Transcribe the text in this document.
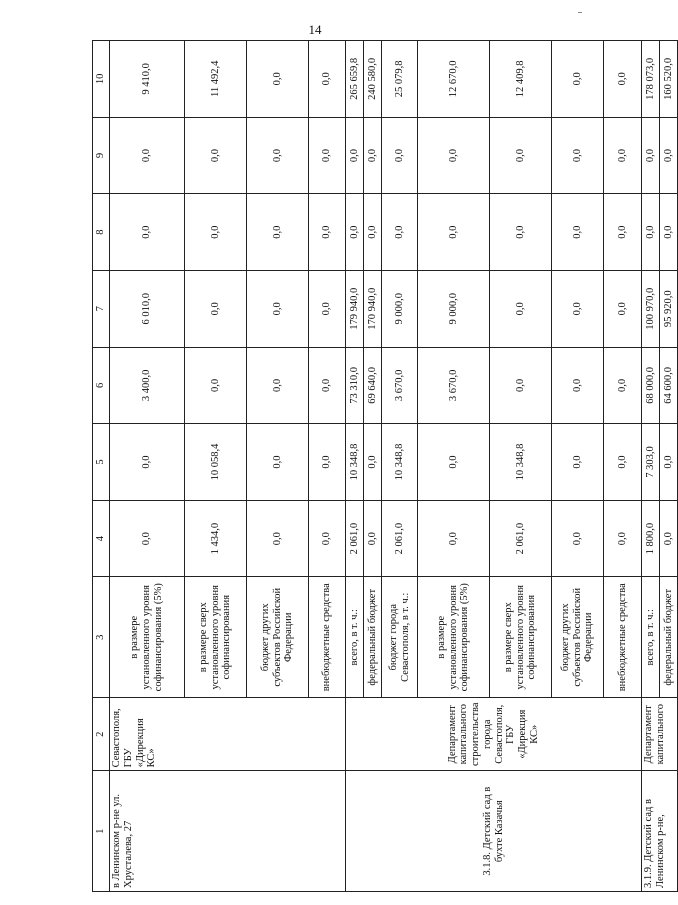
14
1	2	3	4	5	6	7	8	9	10
в Ленинском р-не ул. Хрусталева, 27	Севастополя, ГБУ «Дирекция КС»	в размере установленного уровня софинансирования (5%)	0,0	0,0	3 400,0	6 010,0	0,0	0,0	9 410,0
		в размере сверх установленного уровня софинансирования	1 434,0	10 058,4	0,0	0,0	0,0	0,0	11 492,4
		бюджет других субъектов Российской Федерации	0,0	0,0	0,0	0,0	0,0	0,0	0,0
		внебюджетные средства	0,0	0,0	0,0	0,0	0,0	0,0	0,0
3.1.8. Детский сад в бухте Казачья	Департамент капитального строительства города Севастополя, ГБУ «Дирекция КС»	всего, в т. ч.:	2 061,0	10 348,8	73 310,0	179 940,0	0,0	0,0	265 659,8
		федеральный бюджет	0,0	0,0	69 640,0	170 940,0	0,0	0,0	240 580,0
		бюджет города Севастополя, в т. ч.:	2 061,0	10 348,8	3 670,0	9 000,0	0,0	0,0	25 079,8
		в размере установленного уровня софинансирования (5%)	0,0	0,0	3 670,0	9 000,0	0,0	0,0	12 670,0
		в размере сверх установленного уровня софинансирования	2 061,0	10 348,8	0,0	0,0	0,0	0,0	12 409,8
		бюджет других субъектов Российской Федерации	0,0	0,0	0,0	0,0	0,0	0,0	0,0
		внебюджетные средства	0,0	0,0	0,0	0,0	0,0	0,0	0,0
3.1.9. Детский сад в Ленинском р-не,	Департамент капитального	всего, в т. ч.:	1 800,0	7 303,0	68 000,0	100 970,0	0,0	0,0	178 073,0
		федеральный бюджет	0,0	0,0	64 600,0	95 920,0	0,0	0,0	160 520,0
